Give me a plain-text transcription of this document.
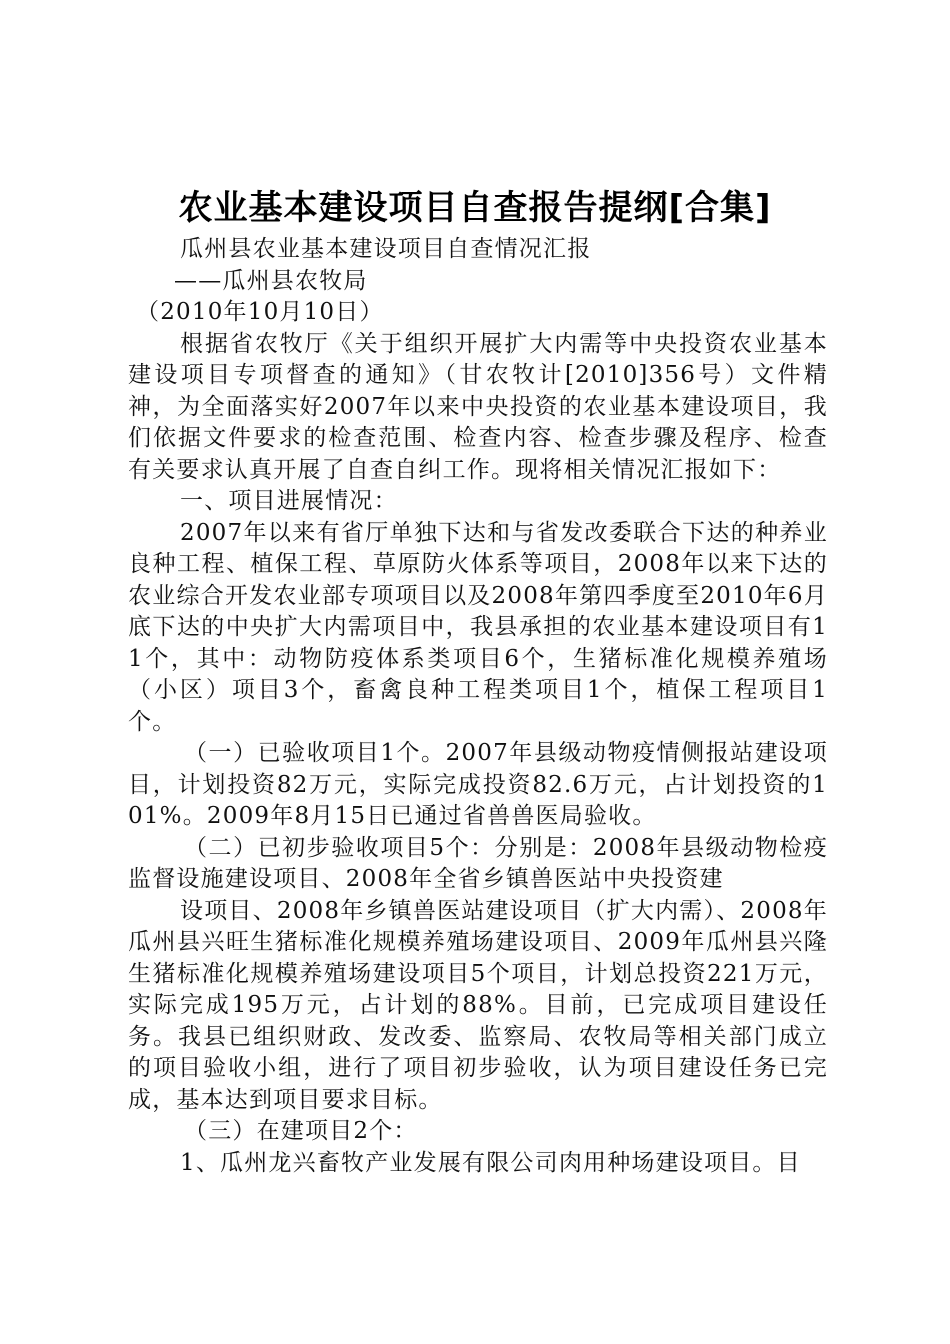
农业基本建设项目自查报告提纲[合集]

瓜州县农业基本建设项目自查情况汇报

——瓜州县农牧局

（2010年10月10日）

根据省农牧厅《关于组织开展扩大内需等中央投资农业基本建设项目专项督查的通知》（甘农牧计[2010]356号）文件精神，为全面落实好2007年以来中央投资的农业基本建设项目，我们依据文件要求的检查范围、检查内容、检查步骤及程序、检查有关要求认真开展了自查自纠工作。现将相关情况汇报如下：

一、项目进展情况：

2007年以来有省厅单独下达和与省发改委联合下达的种养业良种工程、植保工程、草原防火体系等项目，2008年以来下达的农业综合开发农业部专项项目以及2008年第四季度至2010年6月底下达的中央扩大内需项目中，我县承担的农业基本建设项目有11个，其中：动物防疫体系类项目6个，生猪标准化规模养殖场（小区）项目3个，畜禽良种工程类项目1个，植保工程项目1个。

（一）已验收项目1个。2007年县级动物疫情侧报站建设项目，计划投资82万元，实际完成投资82.6万元，占计划投资的101%。2009年8月15日已通过省兽兽医局验收。

（二）已初步验收项目5个：分别是：2008年县级动物检疫监督设施建设项目、2008年全省乡镇兽医站中央投资建

设项目、2008年乡镇兽医站建设项目（扩大内需）、2008年瓜州县兴旺生猪标准化规模养殖场建设项目、2009年瓜州县兴隆生猪标准化规模养殖场建设项目5个项目，计划总投资221万元，实际完成195万元，占计划的88%。目前，已完成项目建设任务。我县已组织财政、发改委、监察局、农牧局等相关部门成立的项目验收小组，进行了项目初步验收，认为项目建设任务已完成，基本达到项目要求目标。

（三）在建项目2个：

1、瓜州龙兴畜牧产业发展有限公司肉用种场建设项目。目
